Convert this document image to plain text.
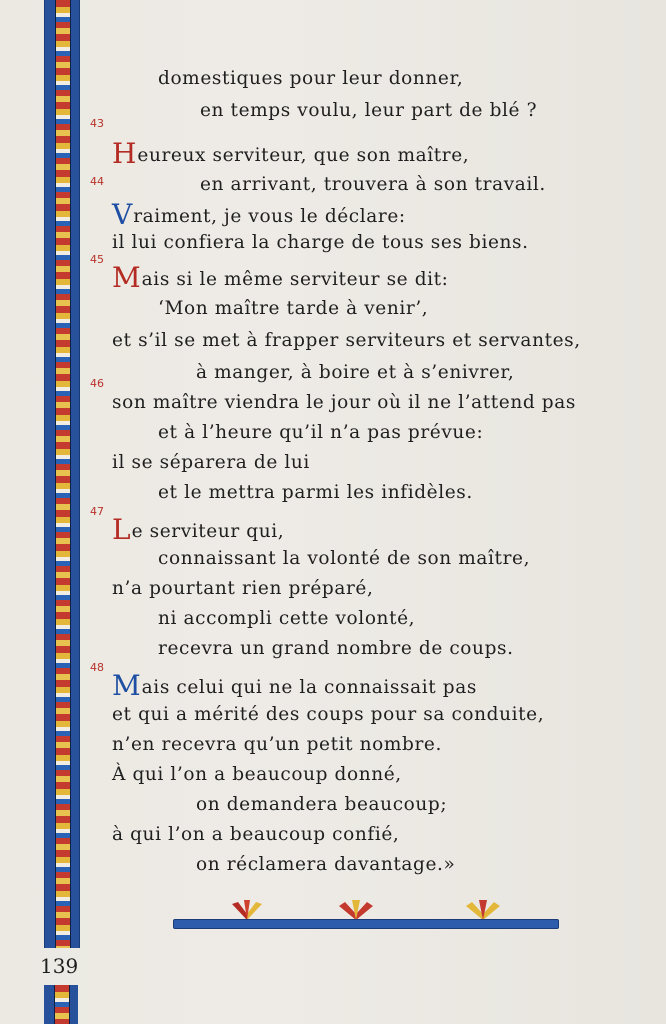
domestiques pour leur donner,
en temps voulu, leur part de blé ?
43
Heureux serviteur, que son maître,
44	en arrivant, trouvera à son travail.
Vraiment, je vous le déclare:
il lui confiera la charge de tous ses biens.
45
Mais si le même serviteur se dit:
‘Mon maître tarde à venir’,
et s’il se met à frapper serviteurs et servantes,
à manger, à boire et à s’enivrer,
46
son maître viendra le jour où il ne l’attend pas
et à l’heure qu’il n’a pas prévue:
il se séparera de lui
et le mettra parmi les infidèles.
47
Le serviteur qui,
connaissant la volonté de son maître,
n’a pourtant rien préparé,
ni accompli cette volonté,
recevra un grand nombre de coups.
48
Mais celui qui ne la connaissait pas
et qui a mérité des coups pour sa conduite,
n’en recevra qu’un petit nombre.
À qui l’on a beaucoup donné,
on demandera beaucoup;
à qui l’on a beaucoup confié,
on réclamera davantage.»
139
